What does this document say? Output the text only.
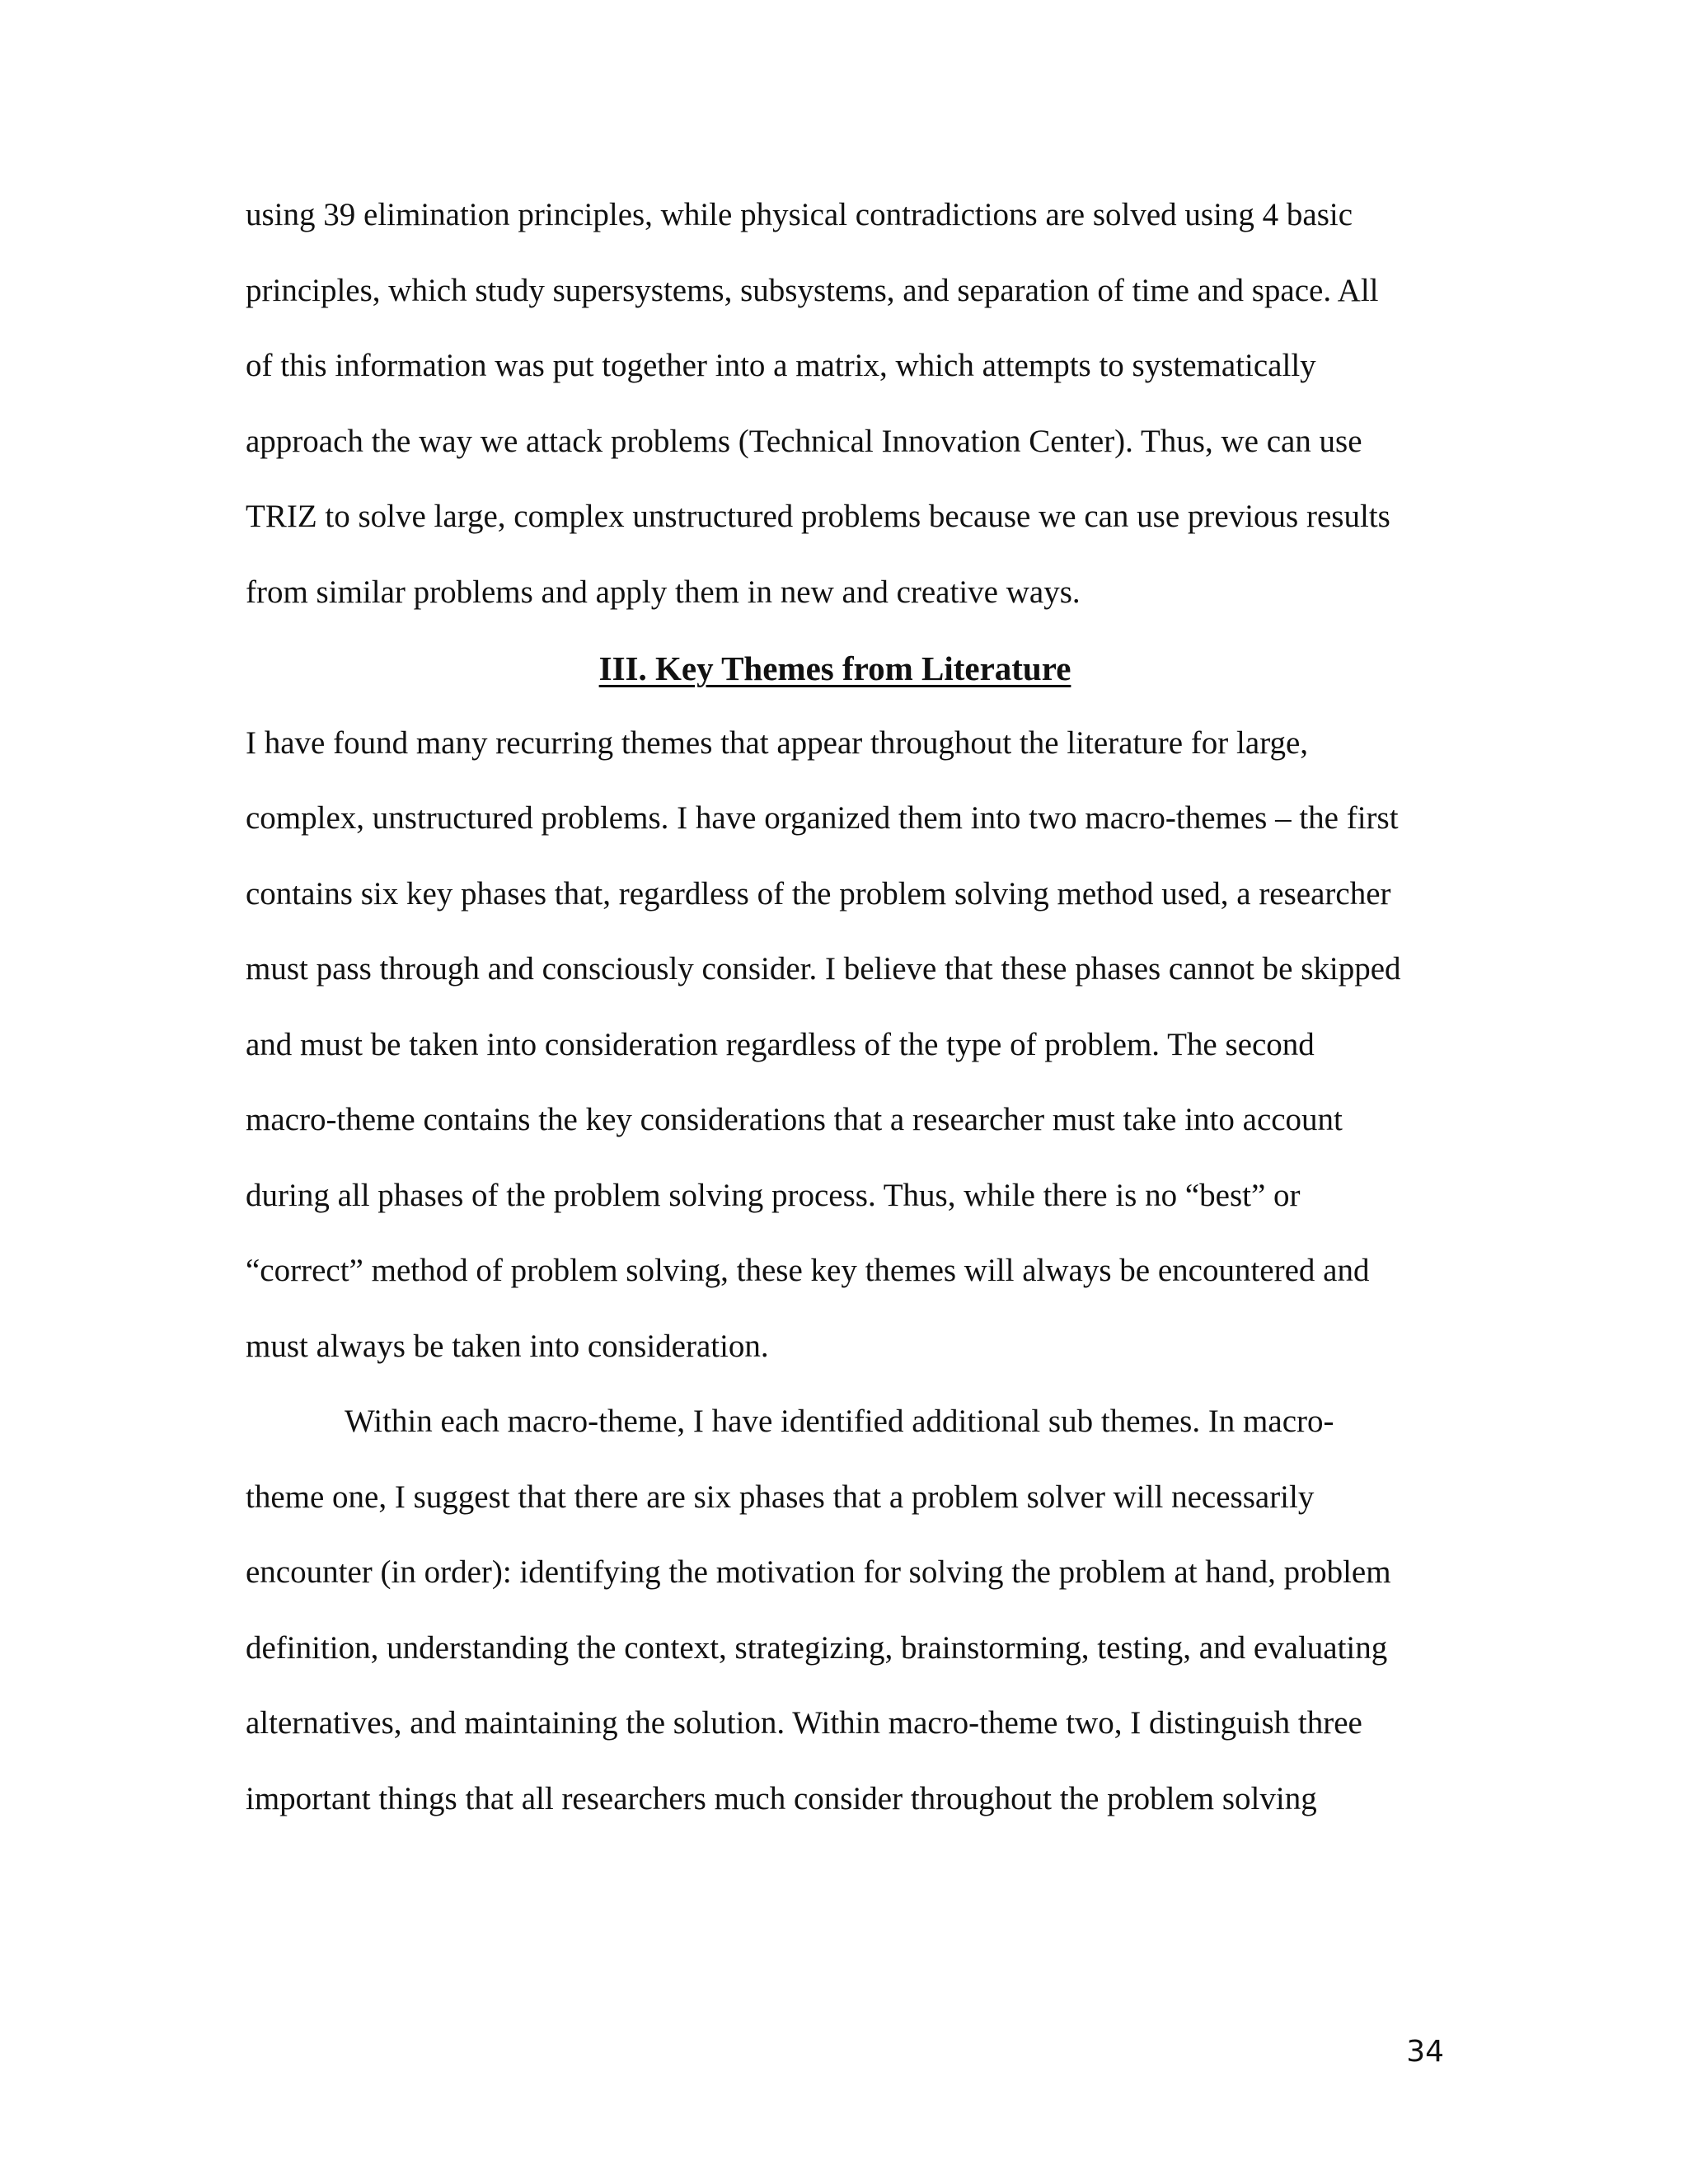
using 39 elimination principles, while physical contradictions are solved using 4 basic
principles, which study supersystems, subsystems, and separation of time and space. All
of this information was put together into a matrix, which attempts to systematically
approach the way we attack problems (Technical Innovation Center). Thus, we can use
TRIZ to solve large, complex unstructured problems because we can use previous results
from similar problems and apply them in new and creative ways.
III. Key Themes from Literature
I have found many recurring themes that appear throughout the literature for large,
complex, unstructured problems. I have organized them into two macro-themes – the first
contains six key phases that, regardless of the problem solving method used, a researcher
must pass through and consciously consider. I believe that these phases cannot be skipped
and must be taken into consideration regardless of the type of problem. The second
macro-theme contains the key considerations that a researcher must take into account
during all phases of the problem solving process. Thus, while there is no “best” or
“correct” method of problem solving, these key themes will always be encountered and
must always be taken into consideration.
Within each macro-theme, I have identified additional sub themes. In macro-
theme one, I suggest that there are six phases that a problem solver will necessarily
encounter (in order): identifying the motivation for solving the problem at hand, problem
definition, understanding the context, strategizing, brainstorming, testing, and evaluating
alternatives, and maintaining the solution. Within macro-theme two, I distinguish three
important things that all researchers much consider throughout the problem solving
34
